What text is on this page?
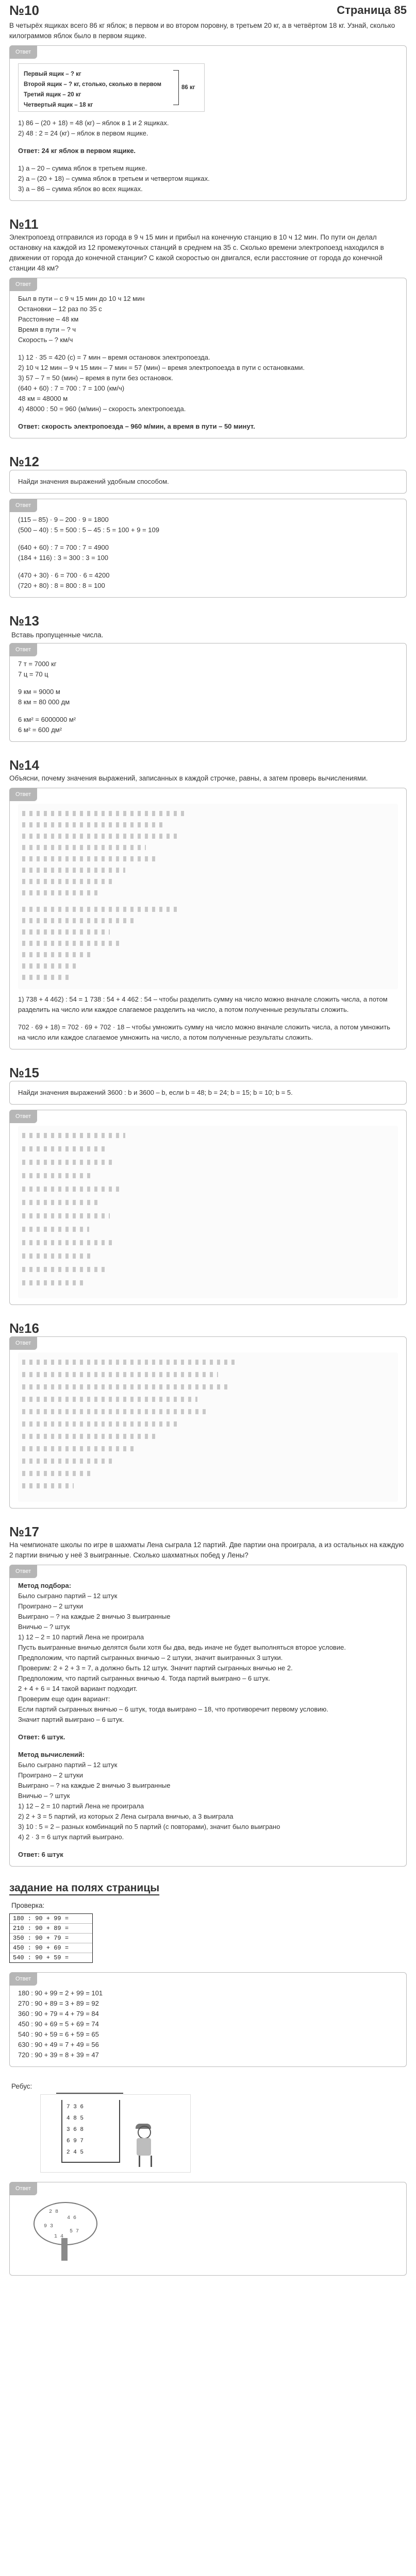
№10	Страница 85
В четырёх ящиках всего 86 кг яблок; в первом и во втором поровну, в третьем 20 кг, а в четвёртом 18 кг. Узнай, сколько килограммов яблок было в первом ящике.
Ответ
Первый ящик – ? кг
Второй ящик – ? кг, столько, сколько в первом
Третий ящик – 20 кг
Четвертый ящик – 18 кг
86 кг
1) 86 – (20 + 18) = 48 (кг) – яблок в 1 и 2 ящиках.
2) 48 : 2 = 24 (кг) – яблок в первом ящике.
Ответ: 24 кг яблок в первом ящике.
1) а – 20 – сумма яблок в третьем ящике.
2) а – (20 + 18) – сумма яблок в третьем и четвертом ящиках.
3) а – 86 – сумма яблок во всех ящиках.
№11
Электропоезд отправился из города в 9 ч 15 мин и прибыл на конечную станцию в 10 ч 12 мин. По пути он делал остановку на каждой из 12 промежуточных станций в среднем на 35 с. Сколько времени электропоезд находился в движении от города до конечной станции? С какой скоростью он двигался, если расстояние от города до конечной станции 48 км?
Ответ
Был в пути – с 9 ч 15 мин до 10 ч 12 мин
Остановки – 12 раз по 35 с
Расстояние – 48 км
Время в пути – ? ч
Скорость – ? км/ч
1) 12 · 35 = 420 (с) = 7 мин – время остановок электропоезда.
2) 10 ч 12 мин – 9 ч 15 мин – 7 мин = 57 (мин) – время электропоезда в пути с остановками.
3) 57 – 7 = 50 (мин) – время в пути без остановок.
(640 + 60) : 7 = 700 : 7 = 100 (км/ч)
48 км = 48000 м
4) 48000 : 50 = 960 (м/мин) – скорость электропоезда.
Ответ: скорость электропоезда – 960 м/мин, а время в пути – 50 минут.
№12
Найди значения выражений удобным способом.
Ответ
(115 – 85) · 9 – 200 · 9 = 1800
(500 – 40) : 5 = 500 : 5 – 45 : 5 = 100 + 9 = 109
(640 + 60) : 7 = 700 : 7 = 4900
(184 + 116) : 3 = 300 : 3 = 100
(470 + 30) · 6 = 700 · 6 = 4200
(720 + 80) : 8 = 800 : 8 = 100
№13
Вставь пропущенные числа.
Ответ
7 т = 7000 кг
7 ц = 70 ц
9 км = 9000 м
8 км = 80 000 дм
6 км² = 6000000 м²
6 м² = 600 дм²
№14
Объясни, почему значения выражений, записанных в каждой строчке, равны, а затем проверь вычислениями.
Ответ
1) 738 + 4 462) : 54 = 1 738 : 54 + 4 462 : 54 – чтобы разделить сумму на число можно вначале сложить числа, а потом разделить на число или каждое слагаемое разделить на число, а потом полученные результаты сложить.
702 · 69 + 18) = 702 · 69 + 702 · 18 – чтобы умножить сумму на число можно вначале сложить числа, а потом умножить на число или каждое слагаемое умножить на число, а потом полученные результаты сложить.
№15
Найди значения выражений 3600 : b и 3600 – b, если b = 48; b = 24; b = 15; b = 10; b = 5.
Ответ
№16
Ответ
№17
На чемпионате школы по игре в шахматы Лена сыграла 12 партий. Две партии она проиграла, а из остальных на каждую 2 партии вничью у неё 3 выигранные. Сколько шахматных побед у Лены?
Ответ
Метод подбора:
Было сыграно партий – 12 штук
Проиграно – 2 штуки
Выиграно – ? на каждые 2 вничью 3 выигранные
Вничью – ? штук
1) 12 – 2 = 10 партий Лена не проиграла
Пусть выигранные вничью делятся были хотя бы два, ведь иначе не будет выполняться второе условие.
Предположим, что партий сыгранных вничью – 2 штуки, значит выигранных 3 штуки.
Проверим: 2 + 2 + 3 = 7, а должно быть 12 штук. Значит партий сыгранных вничью не 2.
Предположим, что партий сыгранных вничью 4. Тогда партий выиграно – 6 штук.
2 + 4 + 6 = 14 такой вариант подходит.
Проверим еще один вариант:
Если партий сыгранных вничью – 6 штук, тогда выиграно – 18, что противоречит первому условию.
Значит партий выиграно – 6 штук.
Ответ: 6 штук.
Метод вычислений:
Было сыграно партий – 12 штук
Проиграно – 2 штуки
Выиграно – ? на каждые 2 вничью 3 выигранные
Вничью – ? штук
1) 12 – 2 = 10 партий Лена не проиграла
2) 2 + 3 = 5 партий, из которых 2 Лена сыграла вничью, а 3 выиграла
3) 10 : 5 = 2 – разных комбинаций по 5 партий (с повторами), значит было выиграно
4) 2 · 3 = 6 штук партий выиграно.
Ответ: 6 штук
задание на полях страницы
Проверка:
180 : 90 + 99 =
210 : 90 + 89 =
350 : 90 + 79 =
450 : 90 + 69 =
540 : 90 + 59 =
Ответ
180 : 90 + 99 = 2 + 99 = 101
270 : 90 + 89 = 3 + 89 = 92
360 : 90 + 79 = 4 + 79 = 84
450 : 90 + 69 = 5 + 69 = 74
540 : 90 + 59 = 6 + 59 = 65
630 : 90 + 49 = 7 + 49 = 56
720 : 90 + 39 = 8 + 39 = 47
Ребус:
7 3 6
4 8 5
3 6 8
6 9 7
2 4 5
Ответ
2 8
4 6
9 3
5 7
1 4
